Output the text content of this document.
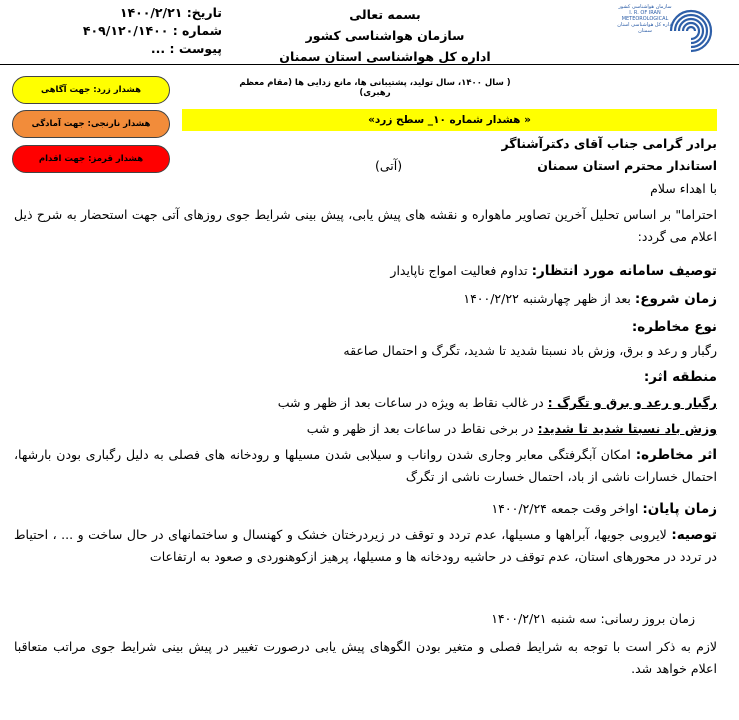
تاریخ: ۱۴۰۰/۲/۲۱
شماره : ۴۰۹/۱۲۰/۱۴۰۰
پیوست : ...
بسمه تعالی
سازمان هواشناسی کشور
اداره کل هواشناسی استان سمنان
سازمان هواشناسی کشور
I. R. OF IRAN METEOROLOGICAL
اداره کل هواشناسی استان سمنان
( سال ۱۴۰۰، سال تولید، پشتیبانی ها، مانع زدایی ها (مقام معظم رهبری)
هشدار زرد: جهت آگاهی
هشدار نارنجی: جهت آمادگی
هشدار قرمز: جهت اقدام
« هشدار شماره ۱۰_ سطح زرد»
برادر گرامی جناب آقای دکترآشناگر
استاندار محترم استان سمنان
(آتی)
با اهداء سلام
احتراما" بر اساس تحلیل آخرین تصاویر ماهواره و نقشه های پیش یابی، پیش بینی شرایط جوی روزهای آتی جهت استحضار به شرح ذیل اعلام می گردد:
توصیف سامانه مورد انتظار: تداوم فعالیت امواج ناپایدار
زمان شروع: بعد از ظهر چهارشنبه ۱۴۰۰/۲/۲۲
نوع مخاطره:
رگبار و رعد و برق، وزش باد نسبتا شدید تا شدید، تگرگ و احتمال صاعقه
منطقه اثر:
رگبار و رعد و برق و تگرگ : در غالب نقاط به ویژه در ساعات بعد از ظهر و شب
وزش باد نسبتا شدید تا شدید: در برخی نقاط در ساعات بعد از ظهر و شب
اثر مخاطره: امکان آبگرفتگی معابر وجاری شدن رواناب و سیلابی شدن مسیلها و رودخانه های فصلی به دلیل رگباری بودن بارشها، احتمال خسارات ناشی از باد، احتمال خسارت ناشی از تگرگ
زمان پایان: اواخر وقت جمعه ۱۴۰۰/۲/۲۴
توصیه: لایروبی جویها، آبراهها و مسیلها، عدم تردد و توقف در زیردرختان خشک و کهنسال و ساختمانهای در حال ساخت و ... ، احتیاط در تردد در محورهای استان، عدم توقف در حاشیه رودخانه ها و مسیلها، پرهیز ازکوهنوردی و صعود به ارتفاعات
زمان بروز رسانی: سه شنبه ۱۴۰۰/۲/۲۱
لازم به ذکر است با توجه به شرایط فصلی و متغیر بودن الگوهای پیش یابی درصورت تغییر در پیش بینی شرایط جوی مراتب متعاقبا اعلام خواهد شد.
